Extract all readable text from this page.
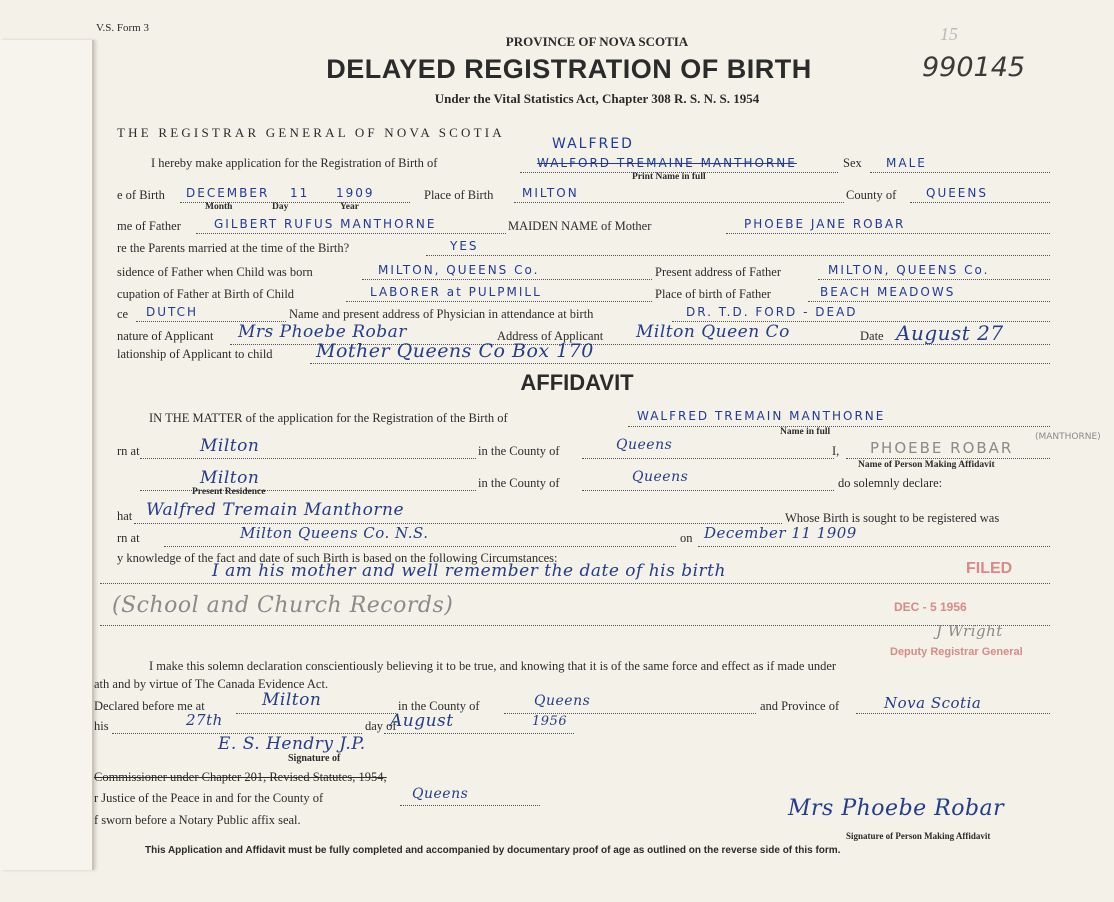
V.S. Form 3
PROVINCE OF NOVA SCOTIA
DELAYED REGISTRATION OF BIRTH
Under the Vital Statistics Act, Chapter 308 R. S. N. S. 1954
990145
15
THE REGISTRAR GENERAL OF NOVA SCOTIA
I hereby make application for the Registration of Birth of
WALFRED
WALFORD TREMAINE MANTHORNE
Print Name in full
Sex MALE
e of Birth DECEMBER 11 1909
Month	Day	Year
Place of Birth MILTON	County of QUEENS
me of Father	GILBERT RUFUS MANTHORNE	MAIDEN NAME of Mother	PHOEBE JANE ROBAR
re the Parents married at the time of the Birth?	YES
sidence of Father when Child was born	MILTON, QUEENS Co.	Present address of Father	MILTON, QUEENS Co.
cupation of Father at Birth of Child	LABORER at PULPMILL	Place of birth of Father	BEACH MEADOWS
ce DUTCH	Name and present address of Physician in attendance at birth	DR. T.D. FORD - DEAD
nature of Applicant Mrs Phoebe Robar	Address of Applicant Milton Queen Co	Date August 27
lationship of Applicant to child Mother Queens Co Box 170
AFFIDAVIT
IN THE MATTER of the application for the Registration of the Birth of	WALFRED TREMAIN MANTHORNE
Name in full
rn at	Milton	in the County of	Queens	I, PHOEBE ROBAR
(MANTHORNE)
Name of Person Making Affidavit
Milton
Present Residence
in the County of	Queens	do solemnly declare:
hat Walfred Tremain Manthorne	Whose Birth is sought to be registered was
rn at	Milton Queens Co. N.S.	on December 11 1909
y knowledge of the fact and date of such Birth is based on the following Circumstances:
I am his mother and well remember the date of his birth
(School and Church Records)
FILED
DEC - 5 1956
J Wright
Deputy Registrar General
I make this solemn declaration conscientiously believing it to be true, and knowing that it is of the same force and effect as if made under
ath and by virtue of The Canada Evidence Act.
Declared before me at	Milton	in the County of	Queens	and Province of	Nova Scotia
his	27th	day of
August	1956
E. S. Hendry J.P.
Signature of
Commissioner under Chapter 201, Revised Statutes, 1954,
r Justice of the Peace in and for the County of	Queens
f sworn before a Notary Public affix seal.	Mrs Phoebe Robar
Signature of Person Making Affidavit
This Application and Affidavit must be fully completed and accompanied by documentary proof of age as outlined on the reverse side of this form.
